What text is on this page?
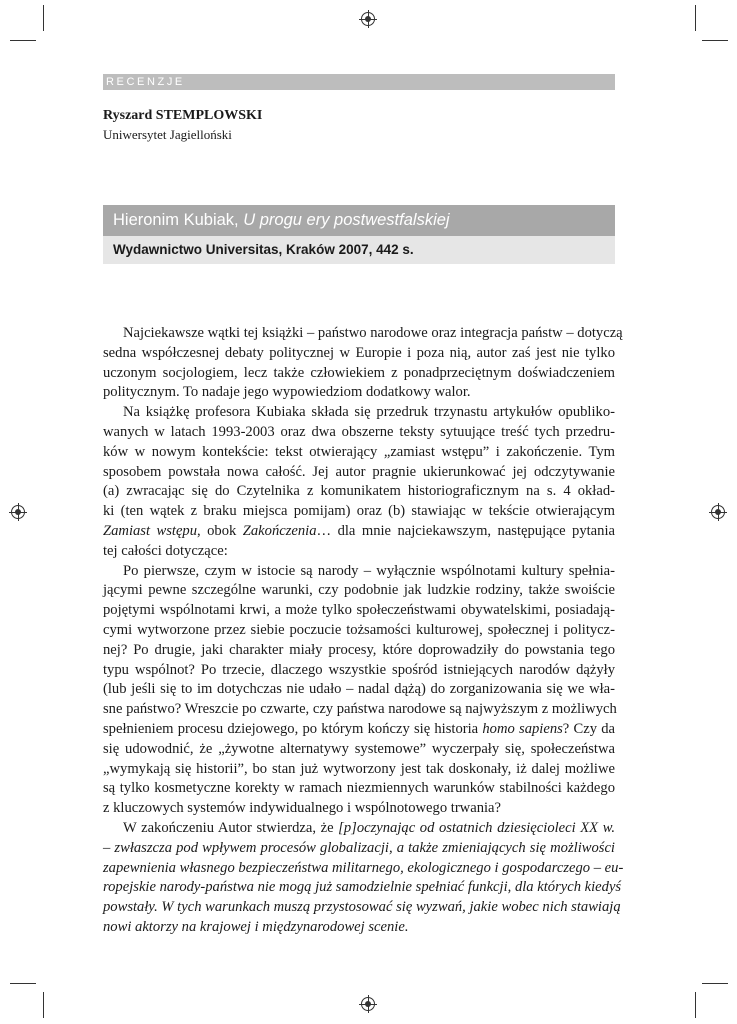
RECENZJE
Ryszard STEMPLOWSKI
Uniwersytet Jagielloński
Hieronim Kubiak, U progu ery postwestfalskiej
Wydawnictwo Universitas, Kraków 2007, 442 s.
Najciekawsze wątki tej książki – państwo narodowe oraz integracja państw – dotyczą
sedna współczesnej debaty politycznej w Europie i poza nią, autor zaś jest nie tylko
uczonym socjologiem, lecz także człowiekiem z ponadprzeciętnym doświadczeniem
politycznym. To nadaje jego wypowiedziom dodatkowy walor.
Na książkę profesora Kubiaka składa się przedruk trzynastu artykułów opubliko-
wanych w latach 1993-2003 oraz dwa obszerne teksty sytuujące treść tych przedru-
ków w nowym kontekście: tekst otwierający „zamiast wstępu” i zakończenie. Tym
sposobem powstała nowa całość. Jej autor pragnie ukierunkować jej odczytywanie
(a) zwracając się do Czytelnika z komunikatem historiograficznym na s. 4 okład-
ki (ten wątek z braku miejsca pomijam) oraz (b) stawiając w tekście otwierającym
Zamiast wstępu, obok Zakończenia… dla mnie najciekawszym, następujące pytania
tej całości dotyczące:
Po pierwsze, czym w istocie są narody – wyłącznie wspólnotami kultury spełnia-
jącymi pewne szczególne warunki, czy podobnie jak ludzkie rodziny, także swoiście
pojętymi wspólnotami krwi, a może tylko społeczeństwami obywatelskimi, posiadają-
cymi wytworzone przez siebie poczucie tożsamości kulturowej, społecznej i politycz-
nej? Po drugie, jaki charakter miały procesy, które doprowadziły do powstania tego
typu wspólnot? Po trzecie, dlaczego wszystkie spośród istniejących narodów dążyły
(lub jeśli się to im dotychczas nie udało – nadal dążą) do zorganizowania się we wła-
sne państwo? Wreszcie po czwarte, czy państwa narodowe są najwyższym z możliwych
spełnieniem procesu dziejowego, po którym kończy się historia homo sapiens? Czy da
się udowodnić, że „żywotne alternatywy systemowe” wyczerpały się, społeczeństwa
„wymykają się historii”, bo stan już wytworzony jest tak doskonały, iż dalej możliwe
są tylko kosmetyczne korekty w ramach niezmiennych warunków stabilności każdego
z kluczowych systemów indywidualnego i wspólnotowego trwania?
W zakończeniu Autor stwierdza, że [p]oczynając od ostatnich dziesięcioleci XX w.
– zwłaszcza pod wpływem procesów globalizacji, a także zmieniających się możliwości
zapewnienia własnego bezpieczeństwa militarnego, ekologicznego i gospodarczego – eu-
ropejskie narody-państwa nie mogą już samodzielnie spełniać funkcji, dla których kiedyś
powstały. W tych warunkach muszą przystosować się wyzwań, jakie wobec nich stawiają
nowi aktorzy na krajowej i międzynarodowej scenie.
